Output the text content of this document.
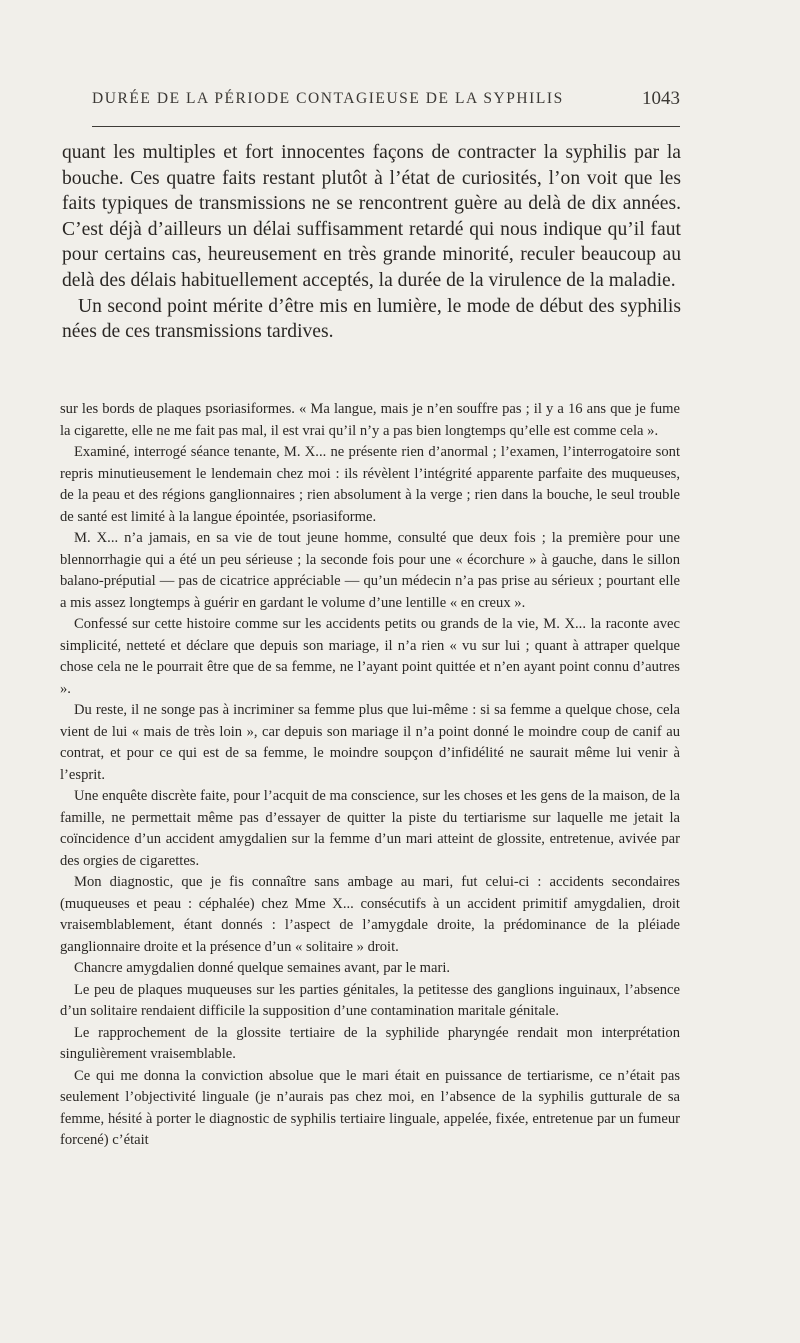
DURÉE DE LA PÉRIODE CONTAGIEUSE DE LA SYPHILIS	1043

quant les multiples et fort innocentes façons de contracter la syphilis par la bouche. Ces quatre faits restant plutôt à l’état de curiosités, l’on voit que les faits typiques de transmissions ne se rencontrent guère au delà de dix années. C’est déjà d’ailleurs un délai suffisamment retardé qui nous indique qu’il faut pour certains cas, heureusement en très grande minorité, reculer beaucoup au delà des délais habituellement acceptés, la durée de la virulence de la maladie.

Un second point mérite d’être mis en lumière, le mode de début des syphilis nées de ces transmissions tardives.

sur les bords de plaques psoriasiformes. « Ma langue, mais je n’en souffre pas ; il y a 16 ans que je fume la cigarette, elle ne me fait pas mal, il est vrai qu’il n’y a pas bien longtemps qu’elle est comme cela ».

Examiné, interrogé séance tenante, M. X... ne présente rien d’anormal ; l’examen, l’interrogatoire sont repris minutieusement le lendemain chez moi : ils révèlent l’intégrité apparente parfaite des muqueuses, de la peau et des régions ganglionnaires ; rien absolument à la verge ; rien dans la bouche, le seul trouble de santé est limité à la langue épointée, psoriasiforme.

M. X... n’a jamais, en sa vie de tout jeune homme, consulté que deux fois ; la première pour une blennorrhagie qui a été un peu sérieuse ; la seconde fois pour une « écorchure » à gauche, dans le sillon balano-préputial — pas de cicatrice appréciable — qu’un médecin n’a pas prise au sérieux ; pourtant elle a mis assez longtemps à guérir en gardant le volume d’une lentille « en creux ».

Confessé sur cette histoire comme sur les accidents petits ou grands de la vie, M. X... la raconte avec simplicité, netteté et déclare que depuis son mariage, il n’a rien « vu sur lui ; quant à attraper quelque chose cela ne le pourrait être que de sa femme, ne l’ayant point quittée et n’en ayant point connu d’autres ».

Du reste, il ne songe pas à incriminer sa femme plus que lui-même : si sa femme a quelque chose, cela vient de lui « mais de très loin », car depuis son mariage il n’a point donné le moindre coup de canif au contrat, et pour ce qui est de sa femme, le moindre soupçon d’infidélité ne saurait même lui venir à l’esprit.

Une enquête discrète faite, pour l’acquit de ma conscience, sur les choses et les gens de la maison, de la famille, ne permettait même pas d’essayer de quitter la piste du tertiarisme sur laquelle me jetait la coïncidence d’un accident amygdalien sur la femme d’un mari atteint de glossite, entretenue, avivée par des orgies de cigarettes.

Mon diagnostic, que je fis connaître sans ambage au mari, fut celui-ci : accidents secondaires (muqueuses et peau : céphalée) chez Mme X... consécutifs à un accident primitif amygdalien, droit vraisemblablement, étant donnés : l’aspect de l’amygdale droite, la prédominance de la pléiade ganglionnaire droite et la présence d’un « solitaire » droit.

Chancre amygdalien donné quelque semaines avant, par le mari.

Le peu de plaques muqueuses sur les parties génitales, la petitesse des ganglions inguinaux, l’absence d’un solitaire rendaient difficile la supposition d’une contamination maritale génitale.

Le rapprochement de la glossite tertiaire de la syphilide pharyngée rendait mon interprétation singulièrement vraisemblable.

Ce qui me donna la conviction absolue que le mari était en puissance de tertiarisme, ce n’était pas seulement l’objectivité linguale (je n’aurais pas chez moi, en l’absence de la syphilis gutturale de sa femme, hésité à porter le diagnostic de syphilis tertiaire linguale, appelée, fixée, entretenue par un fumeur forcené) c’était
